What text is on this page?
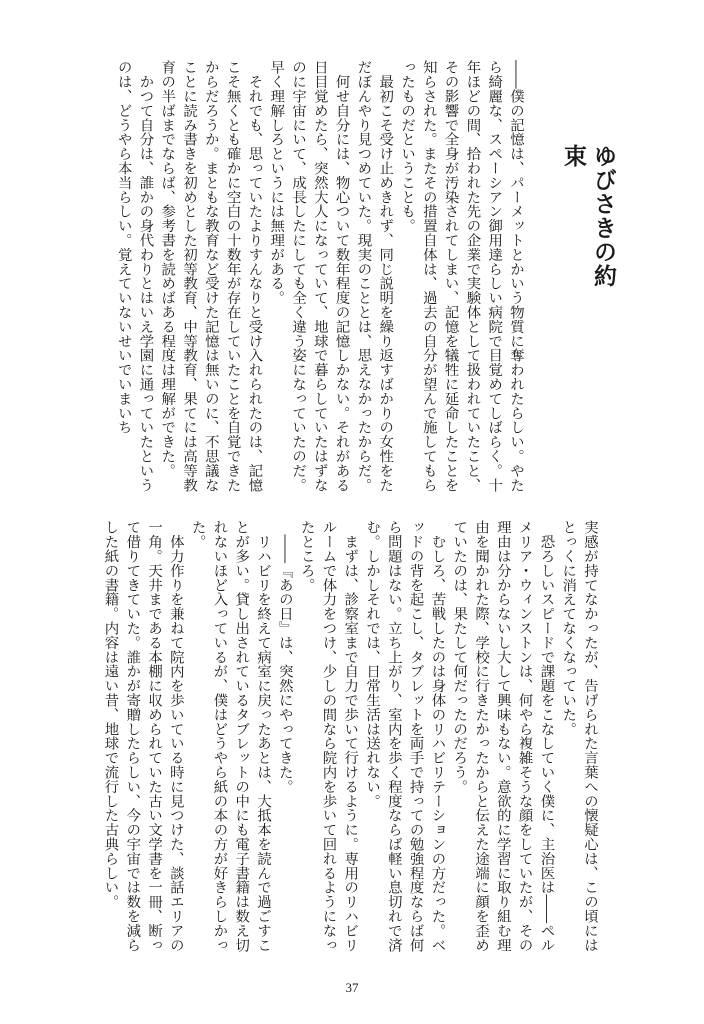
ゆびさきの約束

――僕の記憶は、パーメットとかいう物質に奪われたらしい。やたら綺麗な、スペーシアン御用達らしい病院で目覚めてしばらく。十年ほどの間、拾われた先の企業で実験体として扱われていたこと、その影響で全身が汚染されてしまい、記憶を犠牲に延命したことを知らされた。またその措置自体は、過去の自分が望んで施してもらったものだということも。

　最初こそ受け止めきれず、同じ説明を繰り返すばかりの女性をただぼんやり見つめていた。現実のこととは、思えなかったからだ。

　何せ自分には、物心ついて数年程度の記憶しかない。それがある日目覚めたら、突然大人になっていて、地球で暮らしていたはずなのに宇宙にいて、成長したにしても全く違う姿になっていたのだ。早く理解しろというには無理がある。

　それでも、思っていたよりすんなりと受け入れられたのは、記憶こそ無くとも確かに空白の十数年が存在していたことを自覚できたからだろうか。まともな教育など受けた記憶は無いのに、不思議なことに読み書きを初めとした初等教育、中等教育、果てには高等教育の半ばまでならば、参考書を読めばある程度は理解ができた。

　かつて自分は、誰かの身代わりとはいえ学園に通っていたというのは、どうやら本当らしい。覚えていないせいでいまいち

実感が持てなかったが、告げられた言葉への懐疑心は、この頃にはとっくに消えてなくなっていた。

　恐ろしいスピードで課題をこなしていく僕に、主治医は――ペルメリア・ウィンストンは、何やら複雑そうな顔をしていたが、その理由は分からないし大して興味もない。意欲的に学習に取り組む理由を聞かれた際、学校に行きたかったからと伝えた途端に顔を歪めていたのは、果たして何だったのだろう。

　むしろ、苦戦したのは身体のリハビリテーションの方だった。ベッドの背を起こし、タブレットを両手で持っての勉強程度ならば何ら問題はない。立ち上がり、室内を歩く程度ならば軽い息切れで済む。しかしそれでは、日常生活は送れない。

　まずは、診察室まで自力で歩いて行けるように。専用のリハビリルームで体力をつけ、少しの間なら院内を歩いて回れるようになったところ。

　――『あの日』は、突然にやってきた。

　リハビリを終えて病室に戻ったあとは、大抵本を読んで過ごすことが多い。貸し出されているタブレットの中にも電子書籍は数え切れないほど入っているが、僕はどうやら紙の本の方が好きらしかった。

　体力作りを兼ねて院内を歩いている時に見つけた、談話エリアの一角。天井まである本棚に収められていた古い文学書を一冊、断って借りてきていた。誰かが寄贈したらしい、今の宇宙では数を減らした紙の書籍。内容は遠い昔、地球で流行した古典らしい。

37
